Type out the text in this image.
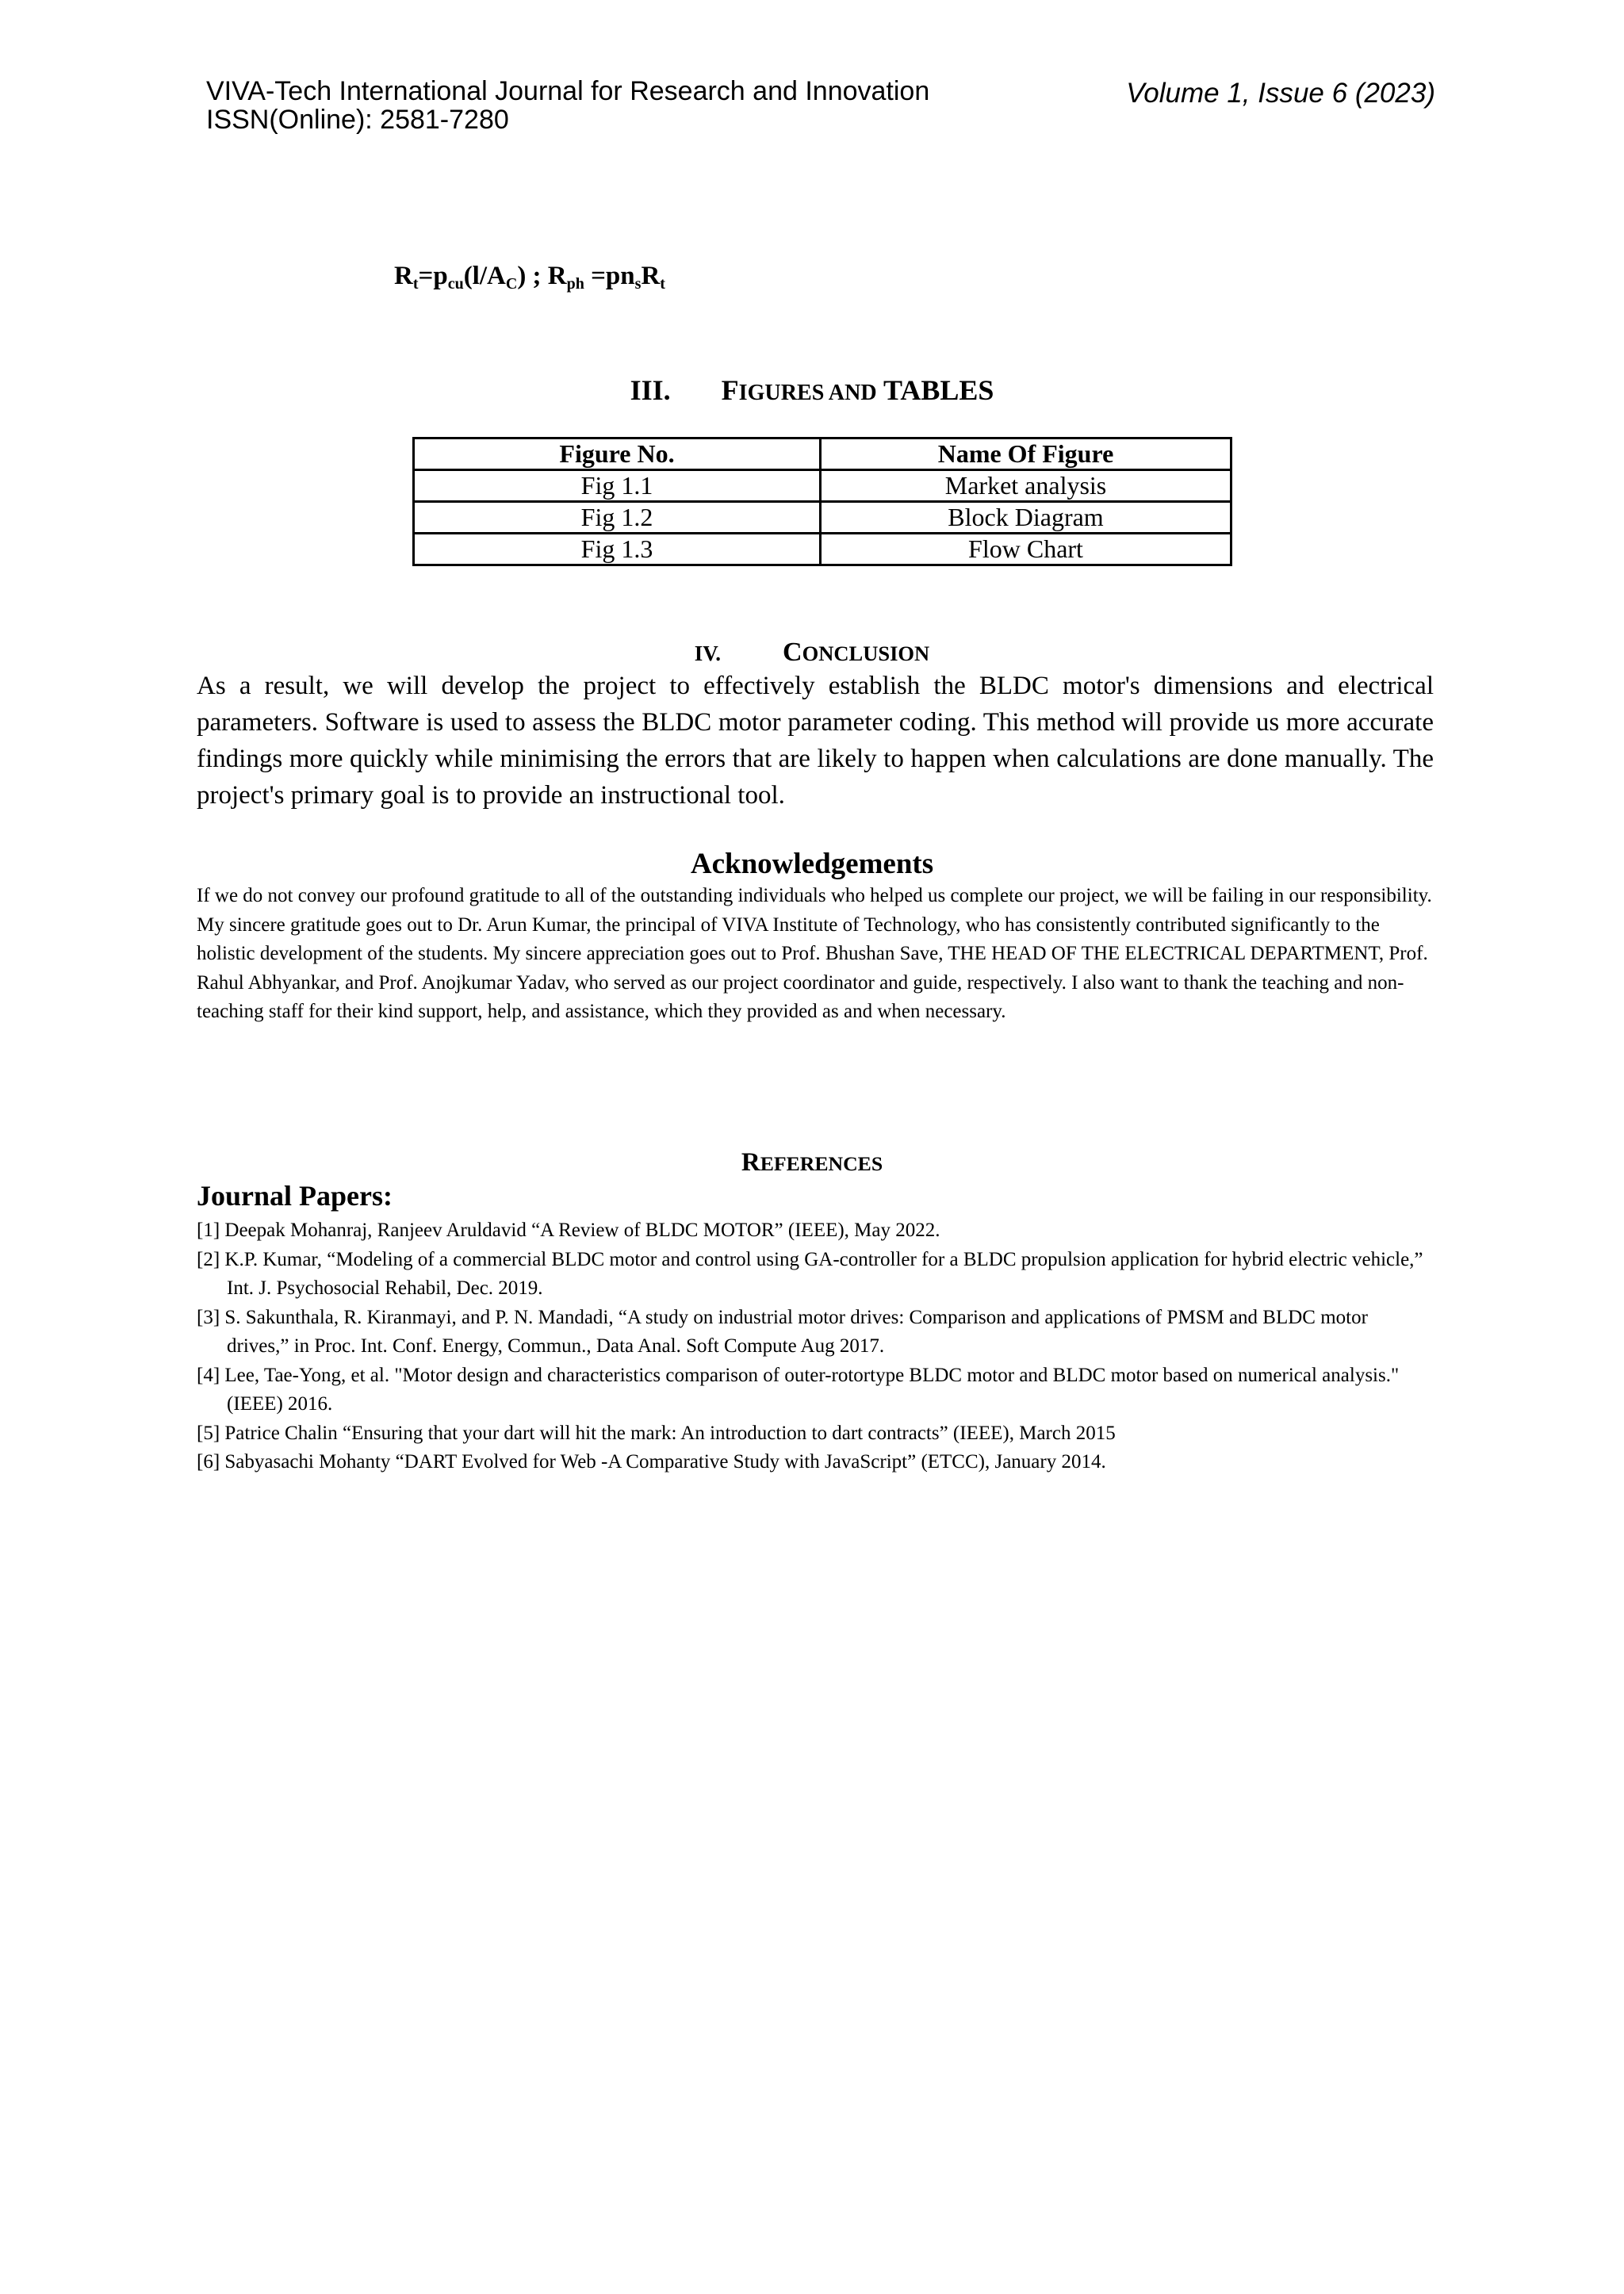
VIVA-Tech International Journal for Research and Innovation
ISSN(Online): 2581-7280
Volume 1, Issue 6 (2023)
$R_t=p_{cu}(l/A_C)$ ; $R_{ph} =pn_sR_t$
III. FIGURES AND TABLES
Figure No.	Name Of Figure
Fig 1.1	Market analysis
Fig 1.2	Block Diagram
Fig 1.3	Flow Chart
IV. CONCLUSION
As a result, we will develop the project to effectively establish the BLDC motor's dimensions and electrical parameters. Software is used to assess the BLDC motor parameter coding. This method will provide us more accurate findings more quickly while minimising the errors that are likely to happen when calculations are done manually. The project's primary goal is to provide an instructional tool.
Acknowledgements
If we do not convey our profound gratitude to all of the outstanding individuals who helped us complete our project, we will be failing in our responsibility. My sincere gratitude goes out to Dr. Arun Kumar, the principal of VIVA Institute of Technology, who has consistently contributed significantly to the holistic development of the students. My sincere appreciation goes out to Prof. Bhushan Save, THE HEAD OF THE ELECTRICAL DEPARTMENT, Prof. Rahul Abhyankar, and Prof. Anojkumar Yadav, who served as our project coordinator and guide, respectively. I also want to thank the teaching and non-teaching staff for their kind support, help, and assistance, which they provided as and when necessary.
REFERENCES
Journal Papers:
[1] Deepak Mohanraj, Ranjeev Aruldavid “A Review of BLDC MOTOR” (IEEE), May 2022.
[2] K.P. Kumar, “Modeling of a commercial BLDC motor and control using GA-controller for a BLDC propulsion application for hybrid electric vehicle,” Int. J. Psychosocial Rehabil, Dec. 2019.
[3] S. Sakunthala, R. Kiranmayi, and P. N. Mandadi, “A study on industrial motor drives: Comparison and applications of PMSM and BLDC motor drives,” in Proc. Int. Conf. Energy, Commun., Data Anal. Soft Compute Aug 2017.
[4] Lee, Tae-Yong, et al. "Motor design and characteristics comparison of outer-rotortype BLDC motor and BLDC motor based on numerical analysis." (IEEE) 2016.
[5] Patrice Chalin “Ensuring that your dart will hit the mark: An introduction to dart contracts” (IEEE), March 2015
[6] Sabyasachi Mohanty “DART Evolved for Web -A Comparative Study with JavaScript” (ETCC), January 2014.
